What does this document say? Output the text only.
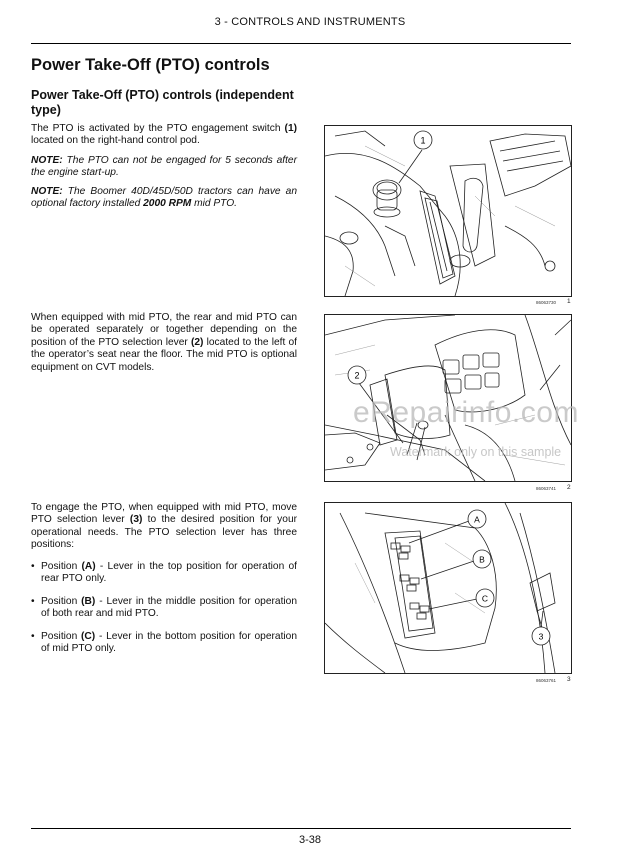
3 - CONTROLS AND INSTRUMENTS
Power Take-Off (PTO) controls
Power Take-Off (PTO) controls (independent type)

The PTO is activated by the PTO engagement switch (1) located on the right-hand control pod.

NOTE: The PTO can not be engaged for 5 seconds after the engine start-up.

NOTE: The Boomer 40D/45D/50D tractors can have an optional factory installed 2000 RPM mid PTO.

When equipped with mid PTO, the rear and mid PTO can be operated separately or together depending on the position of the PTO selection lever (2) located to the left of the operator’s seat near the floor. The mid PTO is optional equipment on CVT models.

To engage the PTO, when equipped with mid PTO, move PTO selection lever (3) to the desired position for your operational needs. The PTO selection lever has three positions:

• Position (A) - Lever in the top position for operation of rear PTO only.
• Position (B) - Lever in the middle position for operation of both rear and mid PTO.
• Position (C) - Lever in the bottom position for operation of mid PTO only.
1
86063730 1
2
86063741 2
A
B
C
3
86063761 3
eRepairinfo.com
Watermark only on this sample
3-38
